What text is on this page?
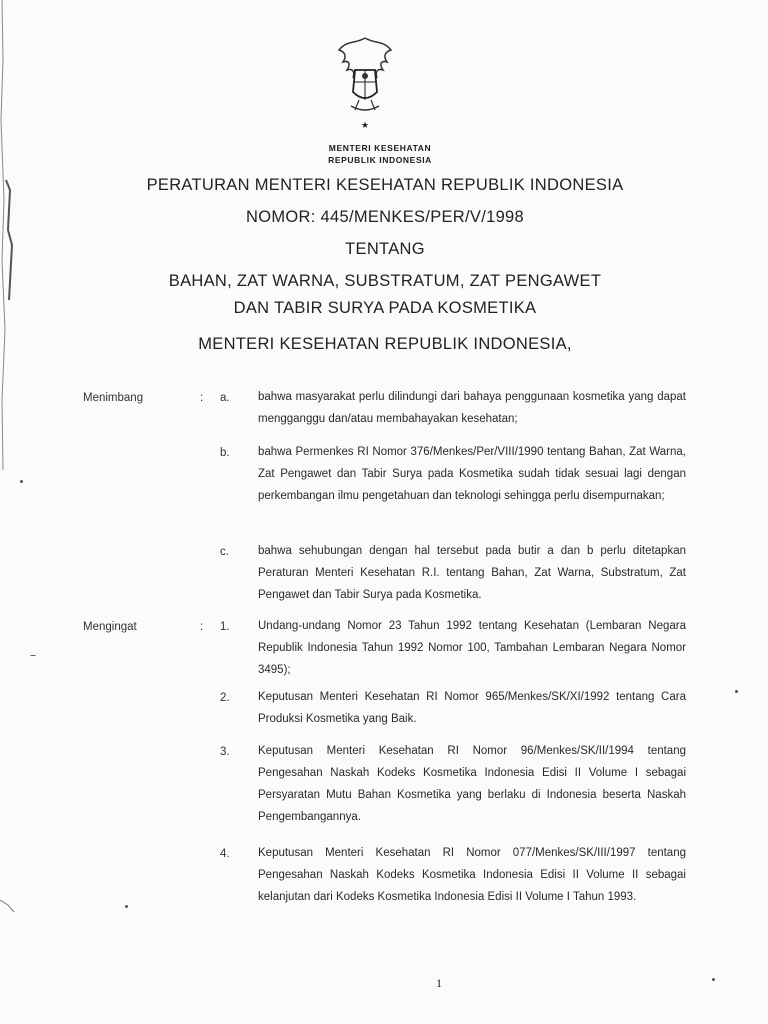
★
MENTERI KESEHATAN
REPUBLIK INDONESIA
PERATURAN MENTERI KESEHATAN REPUBLIK INDONESIA
NOMOR: 445/MENKES/PER/V/1998
TENTANG
BAHAN, ZAT WARNA, SUBSTRATUM, ZAT PENGAWET
DAN TABIR SURYA PADA KOSMETIKA
MENTERI KESEHATAN REPUBLIK INDONESIA,
Menimbang	: a. bahwa masyarakat perlu dilindungi dari bahaya penggunaan kosmetika yang dapat mengganggu dan/atau membahayakan kesehatan;
b. bahwa Permenkes RI Nomor 376/Menkes/Per/VIII/1990 tentang Bahan, Zat Warna, Zat Pengawet dan Tabir Surya pada Kosmetika sudah tidak sesuai lagi dengan perkembangan ilmu pengetahuan dan teknologi sehingga perlu disempurnakan;
c.	bahwa sehubungan dengan hal tersebut pada butir a dan b perlu ditetapkan Peraturan Menteri Kesehatan R.I. tentang Bahan, Zat Warna, Substratum, Zat Pengawet dan Tabir Surya pada Kosmetika.
Mengingat	: 1. Undang-undang Nomor 23 Tahun 1992 tentang Kesehatan (Lembaran Negara Republik Indonesia Tahun 1992 Nomor 100, Tambahan Lembaran Negara Nomor 3495);
2. Keputusan Menteri Kesehatan RI Nomor 965/Menkes/SK/XI/1992 tentang Cara Produksi Kosmetika yang Baik.
3. Keputusan Menteri Kesehatan RI Nomor 96/Menkes/SK/II/1994 tentang Pengesahan Naskah Kodeks Kosmetika Indonesia Edisi II Volume I sebagai Persyaratan Mutu Bahan Kosmetika yang berlaku di Indonesia beserta Naskah Pengembangannya.
4. Keputusan Menteri Kesehatan RI Nomor 077/Menkes/SK/III/1997 tentang Pengesahan Naskah Kodeks Kosmetika Indonesia Edisi II Volume II sebagai kelanjutan dari Kodeks Kosmetika Indonesia Edisi II Volume I Tahun 1993.
1
